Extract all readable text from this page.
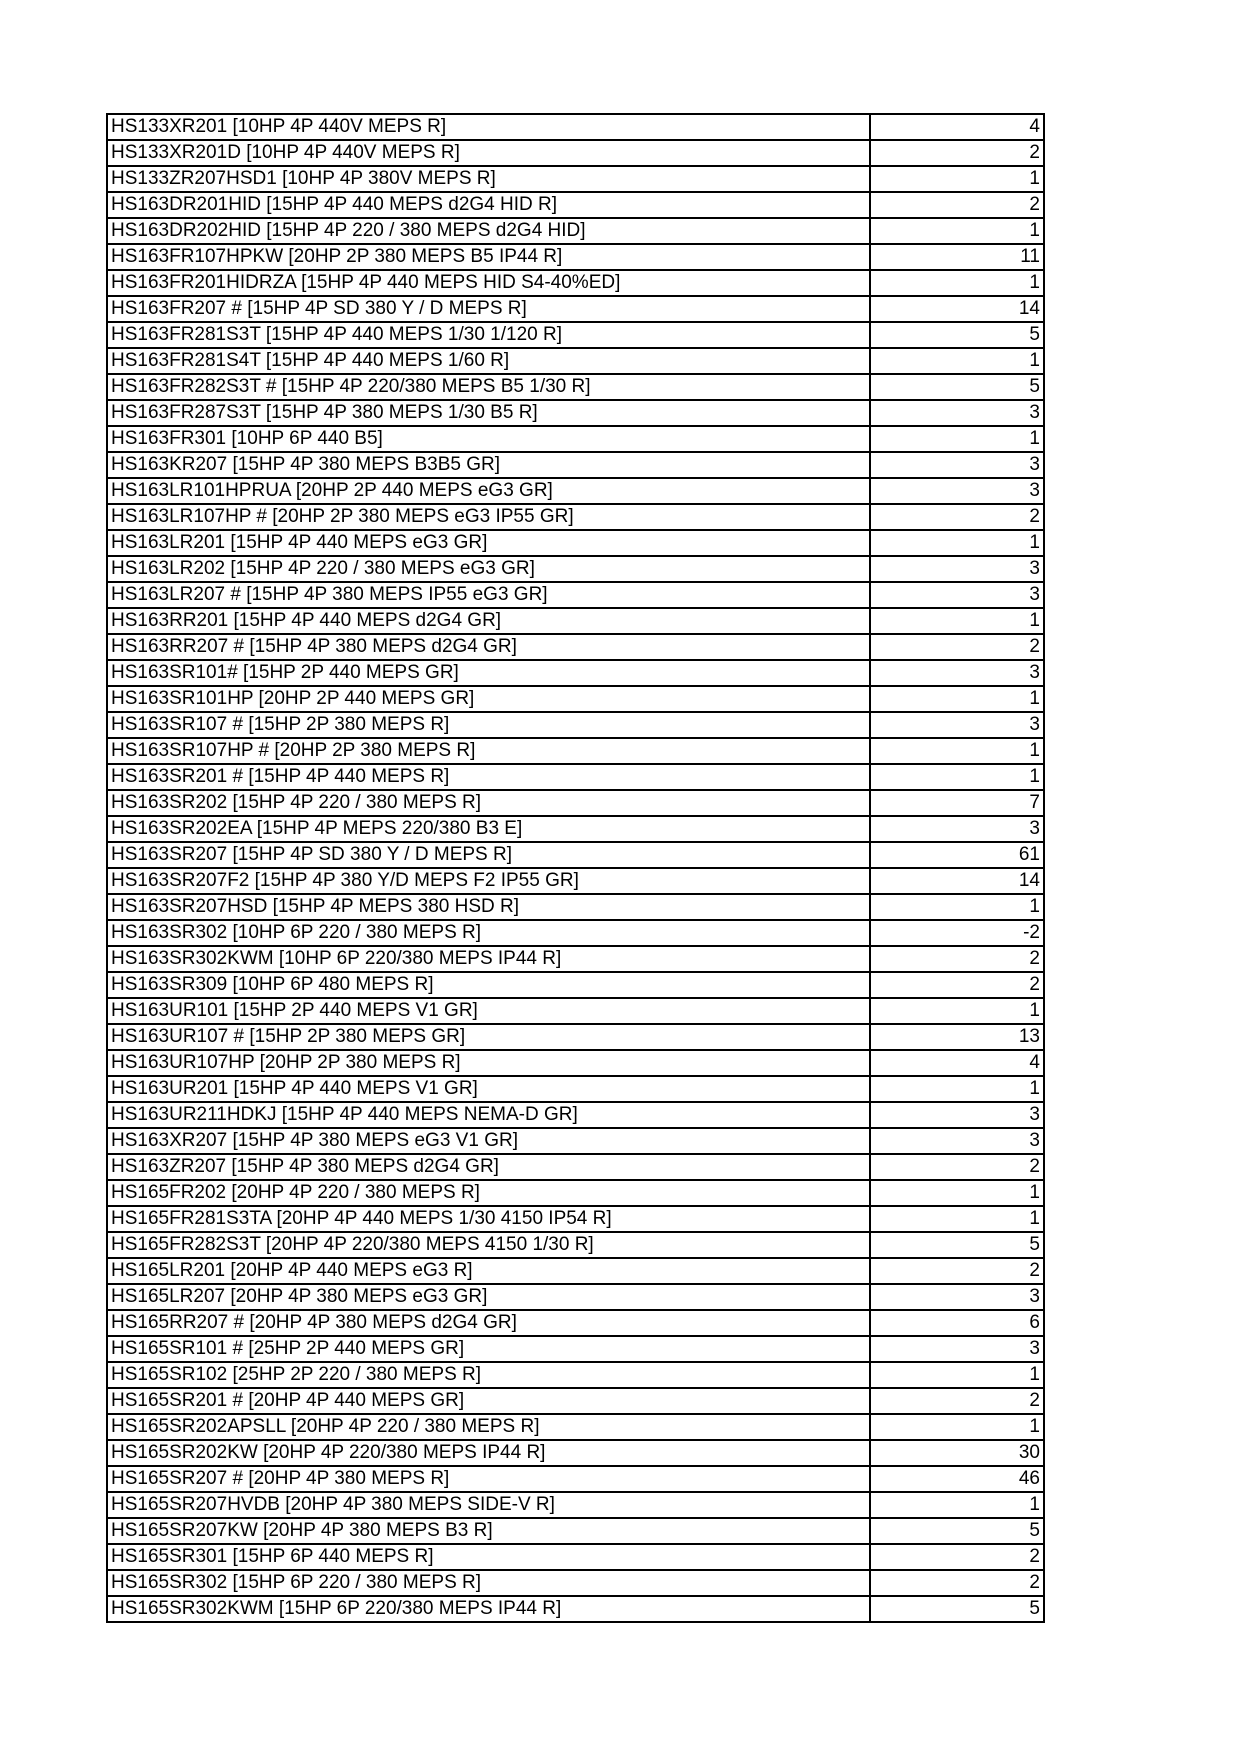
HS133XR201 [10HP 4P 440V MEPS R]	4
HS133XR201D [10HP 4P 440V MEPS R]	2
HS133ZR207HSD1 [10HP 4P 380V MEPS R]	1
HS163DR201HID [15HP 4P 440 MEPS d2G4 HID R]	2
HS163DR202HID [15HP 4P 220 / 380 MEPS d2G4 HID]	1
HS163FR107HPKW [20HP 2P 380 MEPS B5 IP44 R]	11
HS163FR201HIDRZA [15HP 4P 440 MEPS HID S4-40%ED]	1
HS163FR207 # [15HP 4P SD 380 Y / D MEPS R]	14
HS163FR281S3T [15HP 4P 440 MEPS 1/30 1/120 R]	5
HS163FR281S4T [15HP 4P 440 MEPS 1/60 R]	1
HS163FR282S3T # [15HP 4P 220/380 MEPS B5 1/30 R]	5
HS163FR287S3T [15HP 4P 380 MEPS 1/30 B5 R]	3
HS163FR301 [10HP 6P 440 B5]	1
HS163KR207 [15HP 4P 380 MEPS B3B5 GR]	3
HS163LR101HPRUA [20HP 2P 440 MEPS eG3 GR]	3
HS163LR107HP # [20HP 2P 380 MEPS eG3 IP55 GR]	2
HS163LR201 [15HP 4P 440 MEPS eG3 GR]	1
HS163LR202 [15HP 4P 220 / 380 MEPS eG3 GR]	3
HS163LR207 # [15HP 4P 380 MEPS IP55 eG3 GR]	3
HS163RR201 [15HP 4P 440 MEPS d2G4 GR]	1
HS163RR207 # [15HP 4P 380 MEPS d2G4 GR]	2
HS163SR101# [15HP 2P 440 MEPS GR]	3
HS163SR101HP [20HP 2P 440 MEPS GR]	1
HS163SR107 # [15HP 2P 380 MEPS R]	3
HS163SR107HP # [20HP 2P 380 MEPS R]	1
HS163SR201 # [15HP 4P 440 MEPS R]	1
HS163SR202 [15HP 4P 220 / 380 MEPS R]	7
HS163SR202EA [15HP 4P MEPS 220/380 B3 E]	3
HS163SR207 [15HP 4P SD 380 Y / D MEPS R]	61
HS163SR207F2 [15HP 4P 380 Y/D MEPS F2 IP55 GR]	14
HS163SR207HSD [15HP 4P MEPS 380 HSD R]	1
HS163SR302 [10HP 6P 220 / 380 MEPS R]	-2
HS163SR302KWM [10HP 6P 220/380 MEPS IP44 R]	2
HS163SR309 [10HP 6P 480 MEPS R]	2
HS163UR101 [15HP 2P 440 MEPS V1 GR]	1
HS163UR107 # [15HP 2P 380 MEPS GR]	13
HS163UR107HP [20HP 2P 380 MEPS R]	4
HS163UR201 [15HP 4P 440 MEPS V1 GR]	1
HS163UR211HDKJ [15HP 4P 440 MEPS NEMA-D GR]	3
HS163XR207 [15HP 4P 380 MEPS eG3 V1 GR]	3
HS163ZR207 [15HP 4P 380 MEPS d2G4 GR]	2
HS165FR202 [20HP 4P 220 / 380 MEPS R]	1
HS165FR281S3TA [20HP 4P 440 MEPS 1/30 4150 IP54 R]	1
HS165FR282S3T [20HP 4P 220/380 MEPS 4150 1/30 R]	5
HS165LR201 [20HP 4P 440 MEPS eG3 R]	2
HS165LR207 [20HP 4P 380 MEPS eG3 GR]	3
HS165RR207 # [20HP 4P 380 MEPS d2G4 GR]	6
HS165SR101 # [25HP 2P 440 MEPS GR]	3
HS165SR102 [25HP 2P 220 / 380 MEPS R]	1
HS165SR201 # [20HP 4P 440 MEPS GR]	2
HS165SR202APSLL [20HP 4P 220 / 380 MEPS R]	1
HS165SR202KW [20HP 4P 220/380 MEPS IP44 R]	30
HS165SR207 # [20HP 4P 380 MEPS R]	46
HS165SR207HVDB [20HP 4P 380 MEPS SIDE-V R]	1
HS165SR207KW [20HP 4P 380 MEPS B3 R]	5
HS165SR301 [15HP 6P 440 MEPS R]	2
HS165SR302 [15HP 6P 220 / 380 MEPS R]	2
HS165SR302KWM [15HP 6P 220/380 MEPS IP44 R]	5
